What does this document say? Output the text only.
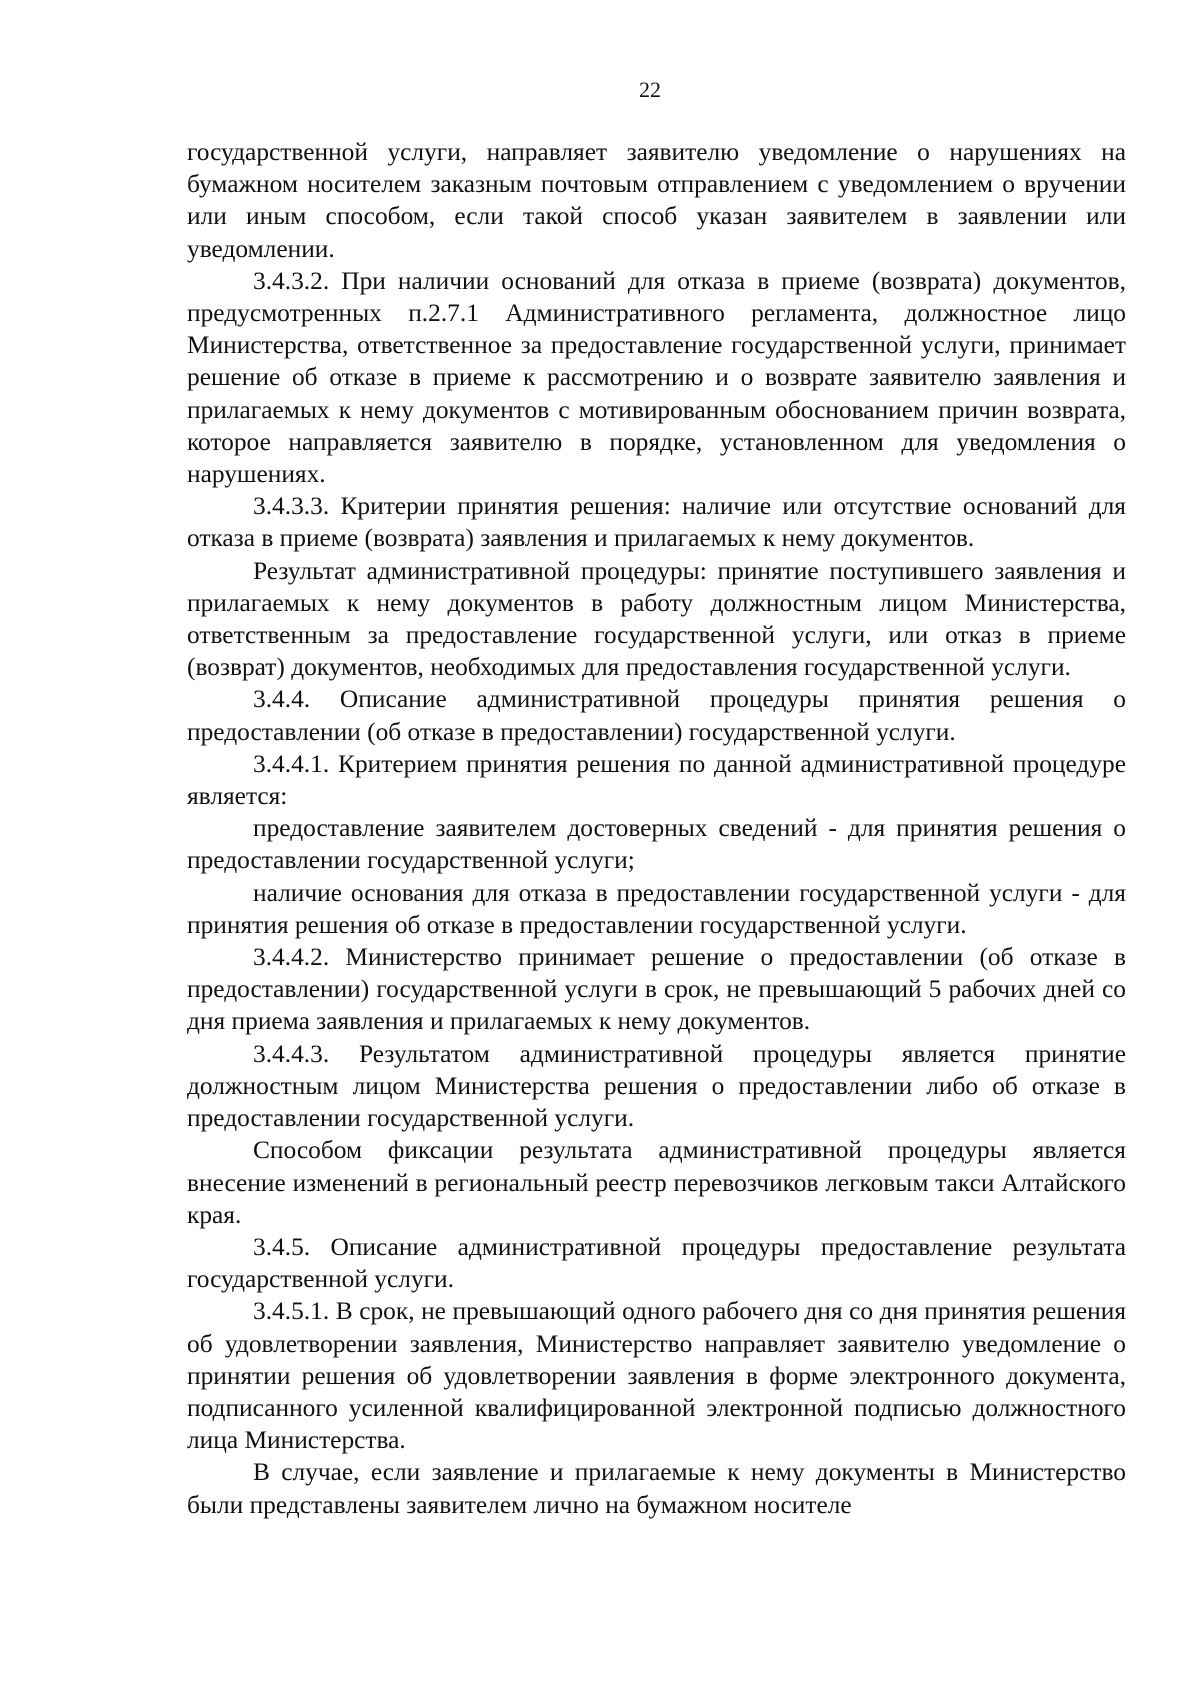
22

государственной услуги, направляет заявителю уведомление о нарушениях на бумажном носителем заказным почтовым отправлением с уведомлением о вручении или иным способом, если такой способ указан заявителем в заявлении или уведомлении.

3.4.3.2. При наличии оснований для отказа в приеме (возврата) документов, предусмотренных п.2.7.1 Административного регламента, должностное лицо Министерства, ответственное за предоставление государственной услуги, принимает решение об отказе в приеме к рассмотрению и о возврате заявителю заявления и прилагаемых к нему документов с мотивированным обоснованием причин возврата, которое направляется заявителю в порядке, установленном для уведомления о нарушениях.

3.4.3.3. Критерии принятия решения: наличие или отсутствие оснований для отказа в приеме (возврата) заявления и прилагаемых к нему документов.

Результат административной процедуры: принятие поступившего заявления и прилагаемых к нему документов в работу должностным лицом Министерства, ответственным за предоставление государственной услуги, или отказ в приеме (возврат) документов, необходимых для предоставления государственной услуги.

3.4.4. Описание административной процедуры принятия решения о предоставлении (об отказе в предоставлении) государственной услуги.

3.4.4.1. Критерием принятия решения по данной административной процедуре является:

предоставление заявителем достоверных сведений - для принятия решения о предоставлении государственной услуги;

наличие основания для отказа в предоставлении государственной услуги - для принятия решения об отказе в предоставлении государственной услуги.

3.4.4.2. Министерство принимает решение о предоставлении (об отказе в предоставлении) государственной услуги в срок, не превышающий 5 рабочих дней со дня приема заявления и прилагаемых к нему документов.

3.4.4.3. Результатом административной процедуры является принятие должностным лицом Министерства решения о предоставлении либо об отказе в предоставлении государственной услуги.

Способом фиксации результата административной процедуры является внесение изменений в региональный реестр перевозчиков легковым такси Алтайского края.

3.4.5. Описание административной процедуры предоставление результата государственной услуги.

3.4.5.1. В срок, не превышающий одного рабочего дня со дня принятия решения об удовлетворении заявления, Министерство направляет заявителю уведомление о принятии решения об удовлетворении заявления в форме электронного документа, подписанного усиленной квалифицированной электронной подписью должностного лица Министерства.

В случае, если заявление и прилагаемые к нему документы в Министерство были представлены заявителем лично на бумажном носителе
